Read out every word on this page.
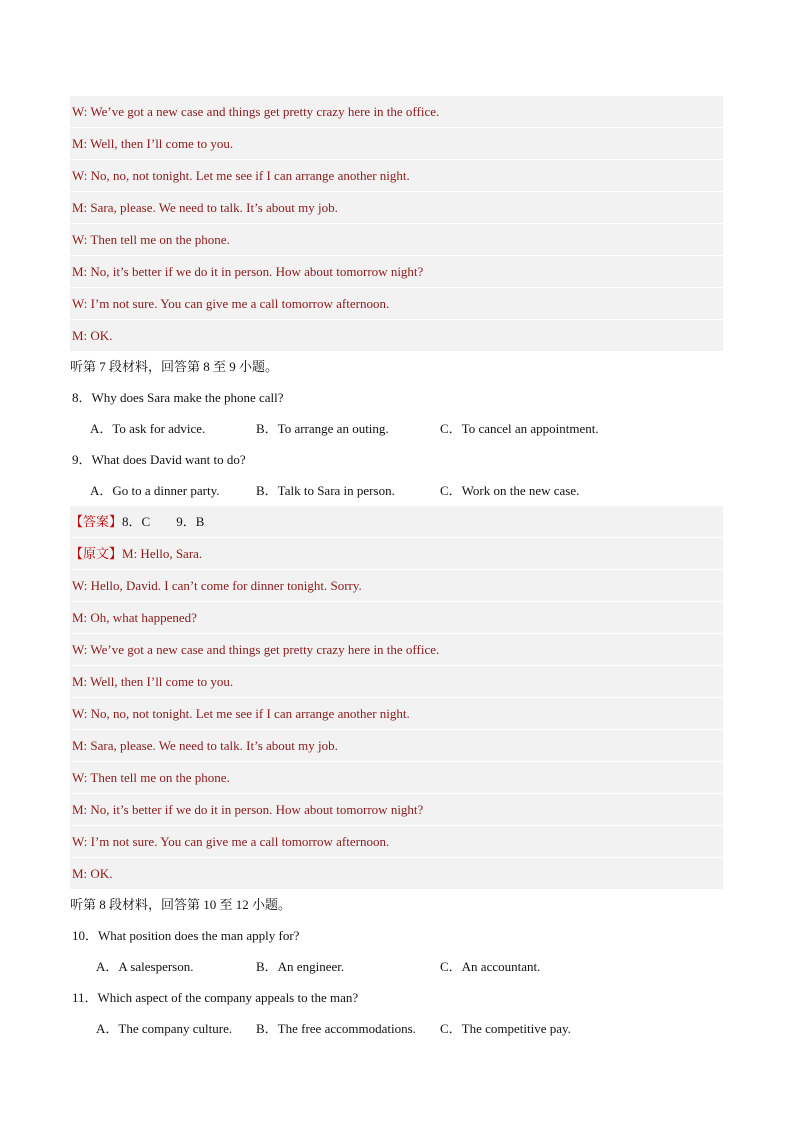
W: We’ve got a new case and things get pretty crazy here in the office.
M: Well, then I’ll come to you.
W: No, no, not tonight. Let me see if I can arrange another night.
M: Sara, please. We need to talk. It’s about my job.
W: Then tell me on the phone.
M: No, it’s better if we do it in person. How about tomorrow night?
W: I’m not sure. You can give me a call tomorrow afternoon.
M: OK.
听第 7 段材料，回答第 8 至 9 小题。
8．Why does Sara make the phone call?
A．To ask for advice.	B．To arrange an outing.	C．To cancel an appointment.
9．What does David want to do?
A．Go to a dinner party.	B．Talk to Sara in person.	C．Work on the new case.
【答案】8．C 9．B
【原文】M: Hello, Sara.
W: Hello, David. I can’t come for dinner tonight. Sorry.
M: Oh, what happened?
W: We’ve got a new case and things get pretty crazy here in the office.
M: Well, then I’ll come to you.
W: No, no, not tonight. Let me see if I can arrange another night.
M: Sara, please. We need to talk. It’s about my job.
W: Then tell me on the phone.
M: No, it’s better if we do it in person. How about tomorrow night?
W: I’m not sure. You can give me a call tomorrow afternoon.
M: OK.
听第 8 段材料，回答第 10 至 12 小题。
10．What position does the man apply for?
A．A salesperson.	B．An engineer.	C．An accountant.
11．Which aspect of the company appeals to the man?
A．The company culture. B．The free accommodations. C．The competitive pay.
